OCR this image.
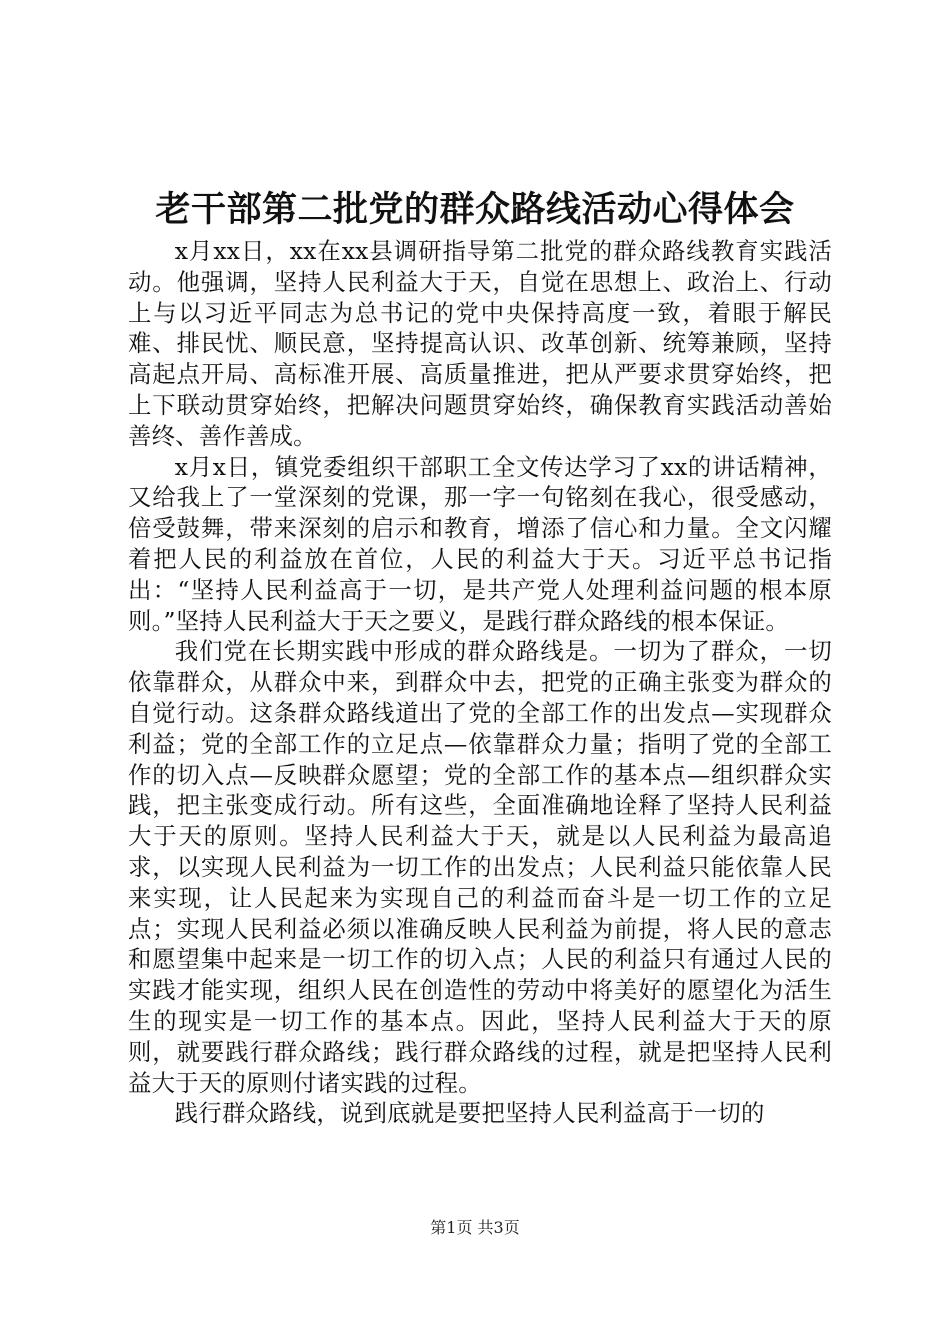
老干部第二批党的群众路线活动心得体会

x月xx日，xx在xx县调研指导第二批党的群众路线教育实践活动。他强调，坚持人民利益大于天，自觉在思想上、政治上、行动上与以习近平同志为总书记的党中央保持高度一致，着眼于解民难、排民忧、顺民意，坚持提高认识、改革创新、统筹兼顾，坚持高起点开局、高标准开展、高质量推进，把从严要求贯穿始终，把上下联动贯穿始终，把解决问题贯穿始终，确保教育实践活动善始善终、善作善成。

x月x日，镇党委组织干部职工全文传达学习了xx的讲话精神，又给我上了一堂深刻的党课，那一字一句铭刻在我心，很受感动，倍受鼓舞，带来深刻的启示和教育，增添了信心和力量。全文闪耀着把人民的利益放在首位，人民的利益大于天。习近平总书记指出：“坚持人民利益高于一切，是共产党人处理利益问题的根本原则。”坚持人民利益大于天之要义，是践行群众路线的根本保证。

我们党在长期实践中形成的群众路线是。一切为了群众，一切依靠群众，从群众中来，到群众中去，把党的正确主张变为群众的自觉行动。这条群众路线道出了党的全部工作的出发点—实现群众利益；党的全部工作的立足点—依靠群众力量；指明了党的全部工作的切入点—反映群众愿望；党的全部工作的基本点—组织群众实践，把主张变成行动。所有这些，全面准确地诠释了坚持人民利益大于天的原则。坚持人民利益大于天，就是以人民利益为最高追求，以实现人民利益为一切工作的出发点；人民利益只能依靠人民来实现，让人民起来为实现自己的利益而奋斗是一切工作的立足点；实现人民利益必须以准确反映人民利益为前提，将人民的意志和愿望集中起来是一切工作的切入点；人民的利益只有通过人民的实践才能实现，组织人民在创造性的劳动中将美好的愿望化为活生生的现实是一切工作的基本点。因此，坚持人民利益大于天的原则，就要践行群众路线；践行群众路线的过程，就是把坚持人民利益大于天的原则付诸实践的过程。

践行群众路线，说到底就是要把坚持人民利益高于一切的

第1页 共3页
